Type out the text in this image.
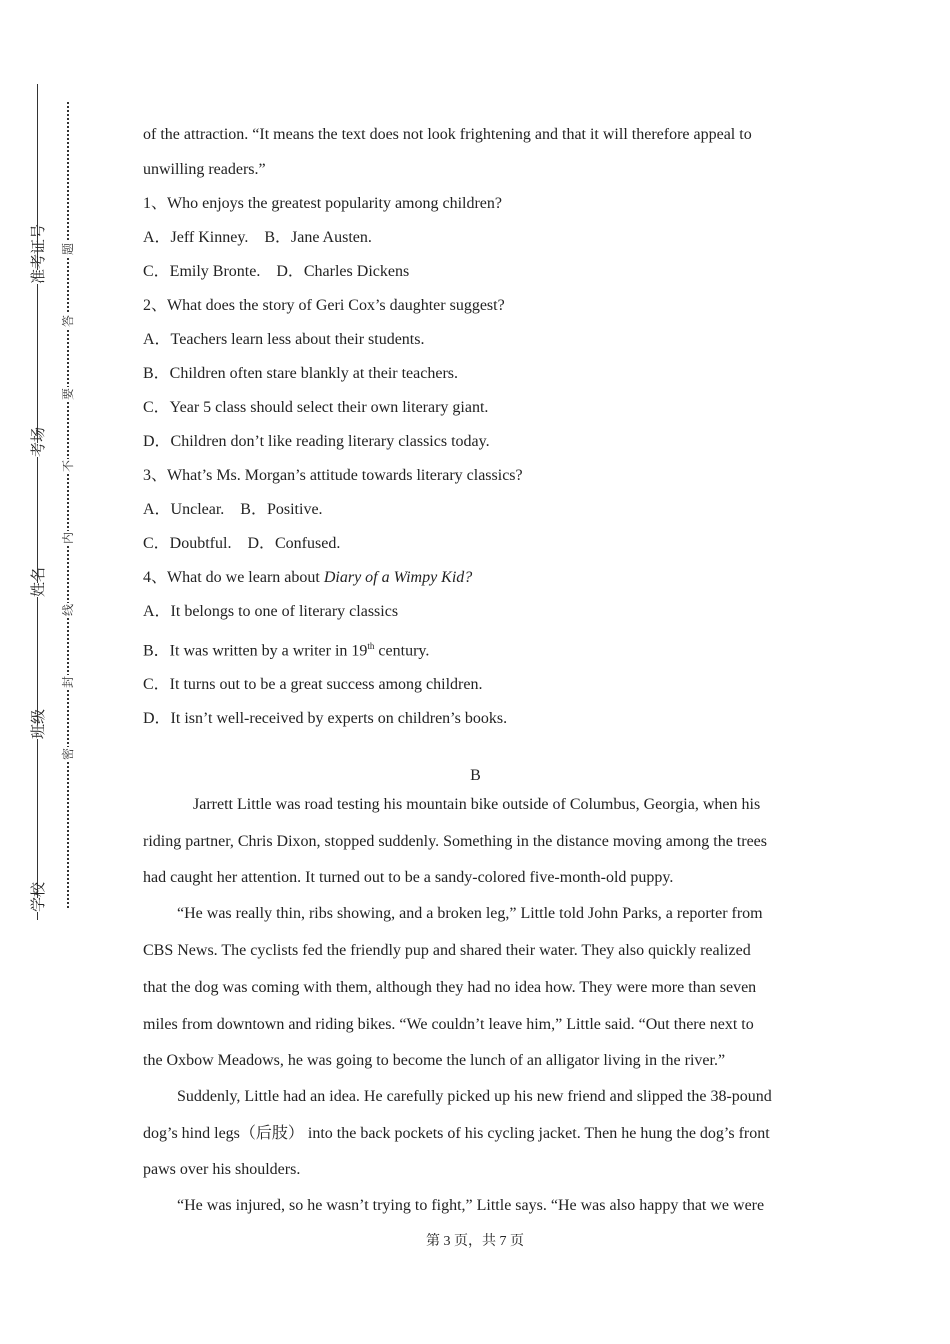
准考证号
考场
姓名
班级
学校
题
答
要
不
内
线
封
密

of the attraction. “It means the text does not look frightening and that it will therefore appeal to

unwilling readers.”

1、Who enjoys the greatest popularity among children?

A．Jeff Kinney.　B．Jane Austen.

C．Emily Bronte.　D．Charles Dickens

2、What does the story of Geri Cox’s daughter suggest?

A．Teachers learn less about their students.

B．Children often stare blankly at their teachers.

C．Year 5 class should select their own literary giant.

D．Children don’t like reading literary classics today.

3、What’s Ms. Morgan’s attitude towards literary classics?

A．Unclear.　B．Positive.

C．Doubtful.　D．Confused.

4、What do we learn about Diary of a Wimpy Kid?

A．It belongs to one of literary classics

B．It was written by a writer in 19th century.

C．It turns out to be a great success among children.

D．It isn’t well-received by experts on children’s books.

B

Jarrett Little was road testing his mountain bike outside of Columbus, Georgia, when his

riding partner, Chris Dixon, stopped suddenly. Something in the distance moving among the trees

had caught her attention. It turned out to be a sandy-colored five-month-old puppy.

“He was really thin, ribs showing, and a broken leg,” Little told John Parks, a reporter from

CBS News. The cyclists fed the friendly pup and shared their water. They also quickly realized

that the dog was coming with them, although they had no idea how. They were more than seven

miles from downtown and riding bikes. “We couldn’t leave him,” Little said. “Out there next to

the Oxbow Meadows, he was going to become the lunch of an alligator living in the river.”

Suddenly, Little had an idea. He carefully picked up his new friend and slipped the 38-pound

dog’s hind legs（后肢） into the back pockets of his cycling jacket. Then he hung the dog’s front

paws over his shoulders.

“He was injured, so he wasn’t trying to fight,” Little says. “He was also happy that we were

第 3 页，共 7 页
